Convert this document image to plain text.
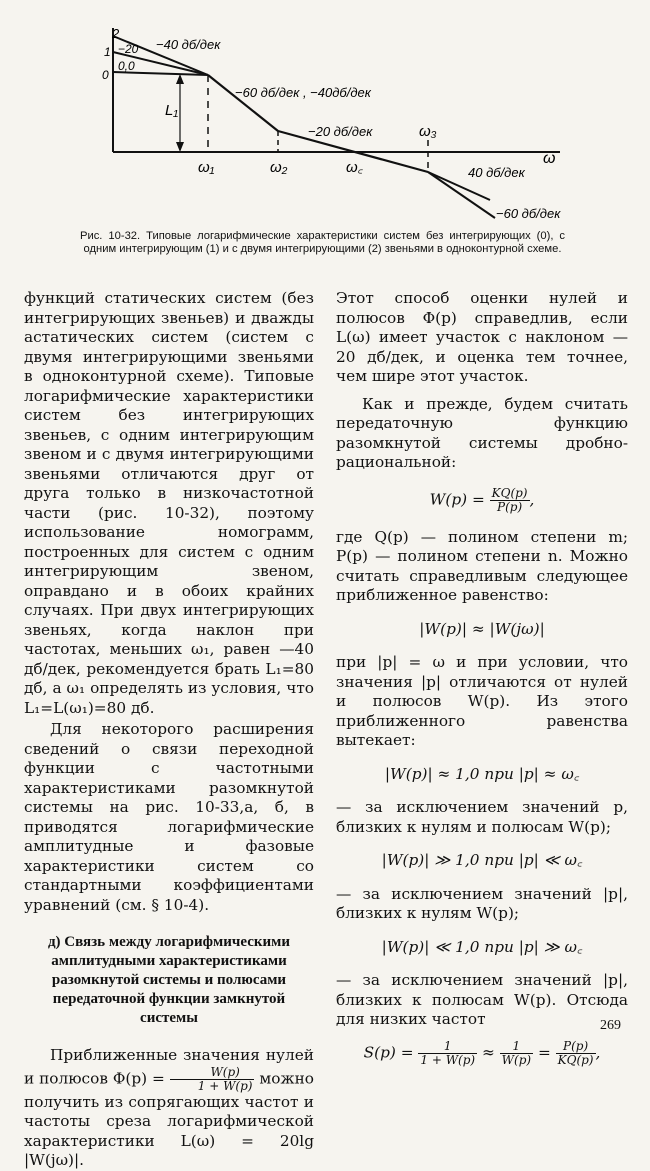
2
1
0
−20
0,0
−40 дб/дек
−60 дб/дек , −40дб/дек
−20 дб/дек
40 дб/дек
−60 дб/дек
L₁
ω₁	ω₂	ω꜀
ω₃
ω
Рис. 10-32. Типовые логарифмические характеристики систем без интегрирующих (0), с одним интегрирующим (1) и с двумя интегрирующими (2) звеньями в одноконтурной схеме.

функций статических систем (без интегрирующих звеньев) и дважды астатических систем (систем с двумя интегрирующими звеньями в одноконтурной схеме). Типовые логарифмические характеристики систем без интегрирующих звеньев, с одним интегрирующим звеном и с двумя интегрирующими звеньями отличаются друг от друга только в низкочастотной части (рис. 10-32), поэтому использование номограмм, построенных для систем с одним интегрирующим звеном, оправдано и в обоих крайних случаях. При двух интегрирующих звеньях, когда наклон при частотах, меньших ω₁, равен —40 дб/дек, рекомендуется брать L₁=80 дб, а ω₁ определять из условия, что L₁=L(ω₁)=80 дб.

Для некоторого расширения сведений о связи переходной функции с частотными характеристиками разомкнутой системы на рис. 10-33,а, б, в приводятся логарифмические амплитудные и фазовые характеристики систем со стандартными коэффициентами уравнений (см. § 10-4).

д) Связь между логарифмическими амплитудными характеристиками разомкнутой системы и полюсами передаточной функции замкнутой системы

Приближенные значения нулей и полюсов $\Phi(p) = \frac{W(p)}{1 + W(p)}$ можно получить из сопрягающих частот и частоты среза логарифмической характеристики L(ω) = 20lg |W(jω)|.

Этот способ оценки нулей и полюсов Φ(p) справедлив, если L(ω) имеет участок с наклоном —20 дб/дек, и оценка тем точнее, чем шире этот участок.

Как и прежде, будем считать передаточную функцию разомкнутой системы дробно-рациональной:

$W(p) = \frac{KQ(p)}{P(p)}$ ,

где Q(p) — полином степени m; P(p) — полином степени n. Можно считать справедливым следующее приближенное равенство:

|W(p)| ≈ |W(jω)|

при |p| = ω и при условии, что значения |p| отличаются от нулей и полюсов W(p). Из этого приближенного равенства вытекает:

|W(p)| ≈ 1,0 при |p| ≈ ω꜀

— за исключением значений p, близких к нулям и полюсам W(p);

|W(p)| ≫ 1,0 при |p| ≪ ω꜀

— за исключением значений |p|, близких к нулям W(p);

|W(p)| ≪ 1,0 при |p| ≫ ω꜀

— за исключением значений |p|, близких к полюсам W(p). Отсюда для низких частот

$S(p) = \frac{1}{1 + W(p)} \approx \frac{1}{W(p)} = \frac{P(p)}{KQ(p)}$ ,

269
